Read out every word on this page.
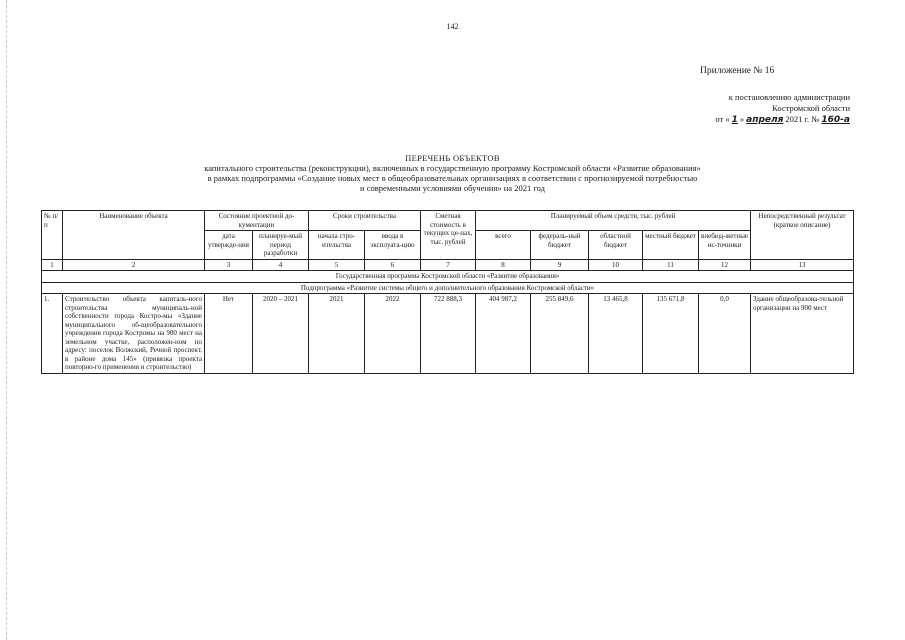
142
Приложение № 16
к постановлению администрации
Костромской области
от « 1 » апреля 2021 г. № 160-а
ПЕРЕЧЕНЬ ОБЪЕКТОВ
капитального строительства (реконструкции), включенных в государственную программу Костромской области «Развитие образования»
в рамках подпрограммы «Создание новых мест в общеобразовательных организациях в соответствии с прогнозируемой потребностью
и современными условиями обучения» на 2021 год
№ п/п	Наименование объекта	Состояние проектной до-кументации		Сроки строительства		Сметная стоимость в текущих це-нах, тыс. рублей	Планируемый объем средств, тыс. рублей					Непосредственный результат (краткое описание)
		дата утвержде-ния	планируе-мый период разработки	начала стро-ительства	ввода в эксплуата-цию		всего	федераль-ный бюджет	областной бюджет	местный бюджет	внебюд-жетные ис-точники	
1	2	3	4	5	6	7	8	9	10	11	12	13
Государственная программа Костромской области «Развитие образования»												
Подпрограмма «Развитие системы общего и дополнительного образования Костромской области»												
1.	Строительство объекта капиталь-ного строительства муниципаль-ной собственности города Костро-мы «Здание муниципального об-щеобразовательного учреждения города Костромы на 900 мест на земельном участке, расположен-ном по адресу: поселок Волжский, Речной проспект, в районе дома 145» (привязка проекта повторно-го применения и строительство)	Нет	2020 – 2021	2021	2022	722 888,3	404 987,2	255 849,6	13 465,8	135 671,8	0,0	Здание общеобразова-тельной организации на 900 мест
